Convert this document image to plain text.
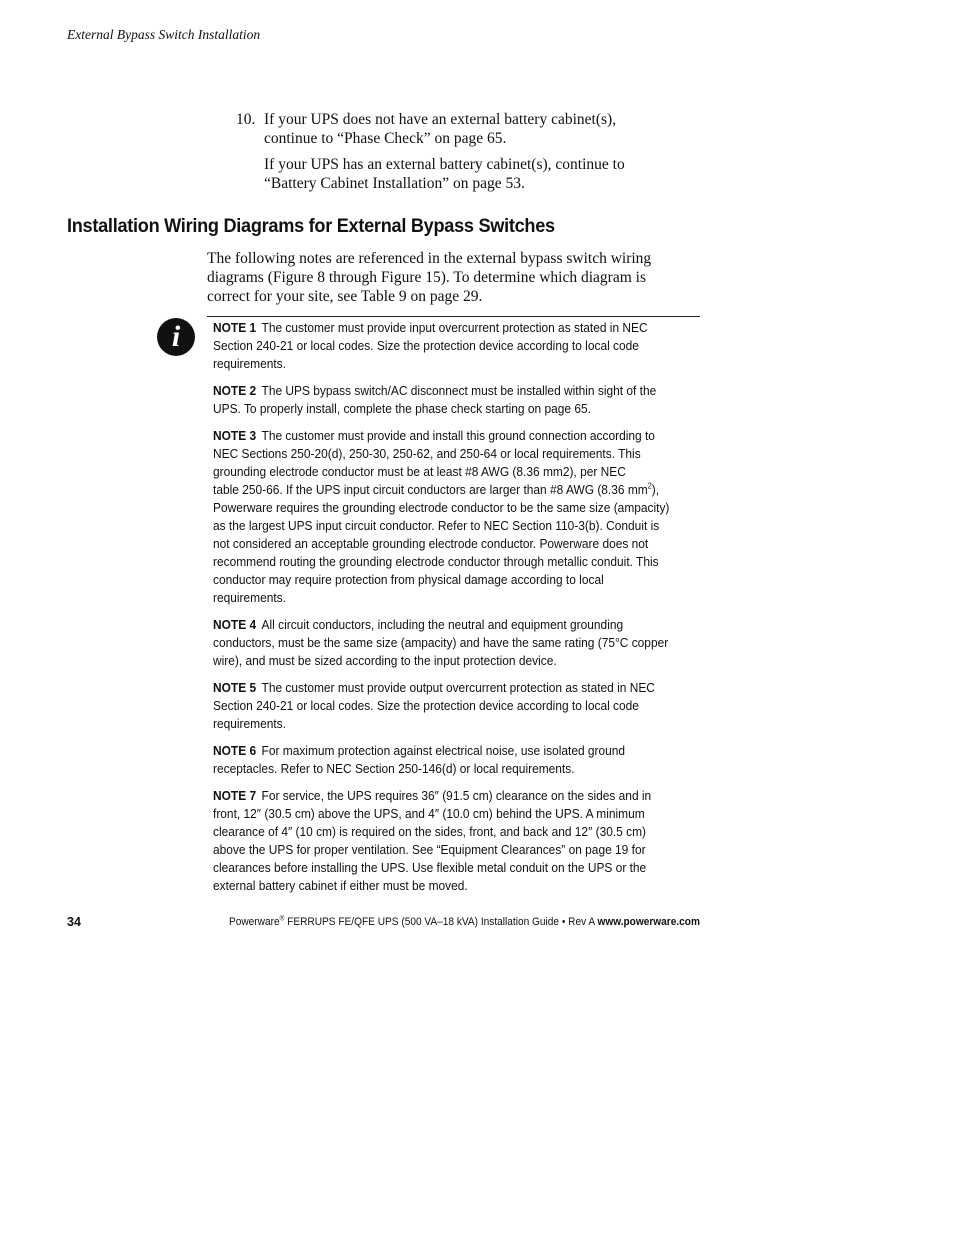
External Bypass Switch Installation
10. If your UPS does not have an external battery cabinet(s),
continue to “Phase Check” on page 65.

If your UPS has an external battery cabinet(s), continue to
“Battery Cabinet Installation” on page 53.

Installation Wiring Diagrams for External Bypass Switches
The following notes are referenced in the external bypass switch wiring
diagrams (Figure 8 through Figure 15). To determine which diagram is
correct for your site, see Table 9 on page 29.
i	NOTE 1 The customer must provide input overcurrent protection as stated in NEC
Section 240-21 or local codes. Size the protection device according to local code
requirements.
NOTE 2 The UPS bypass switch/AC disconnect must be installed within sight of the
UPS. To properly install, complete the phase check starting on page 65.
NOTE 3 The customer must provide and install this ground connection according to
NEC Sections 250-20(d), 250-30, 250-62, and 250-64 or local requirements. This
grounding electrode conductor must be at least #8 AWG (8.36 mm2), per NEC
table 250-66. If the UPS input circuit conductors are larger than #8 AWG (8.36 $mm^2$),
Powerware requires the grounding electrode conductor to be the same size (ampacity)
as the largest UPS input circuit conductor. Refer to NEC Section 110-3(b). Conduit is
not considered an acceptable grounding electrode conductor. Powerware does not
recommend routing the grounding electrode conductor through metallic conduit. This
conductor may require protection from physical damage according to local
requirements.
NOTE 4 All circuit conductors, including the neutral and equipment grounding
conductors, must be the same size (ampacity) and have the same rating (75°C copper
wire), and must be sized according to the input protection device.
NOTE 5 The customer must provide output overcurrent protection as stated in NEC
Section 240-21 or local codes. Size the protection device according to local code
requirements.
NOTE 6 For maximum protection against electrical noise, use isolated ground
receptacles. Refer to NEC Section 250-146(d) or local requirements.
NOTE 7 For service, the UPS requires 36″ (91.5 cm) clearance on the sides and in
front, 12″ (30.5 cm) above the UPS, and 4″ (10.0 cm) behind the UPS. A minimum
clearance of 4″ (10 cm) is required on the sides, front, and back and 12″ (30.5 cm)
above the UPS for proper ventilation. See “Equipment Clearances” on page 19 for
clearances before installing the UPS. Use flexible metal conduit on the UPS or the
external battery cabinet if either must be moved.
34	Powerware® FERRUPS FE/QFE UPS (500 VA–18 kVA) Installation Guide • Rev A www.powerware.com
